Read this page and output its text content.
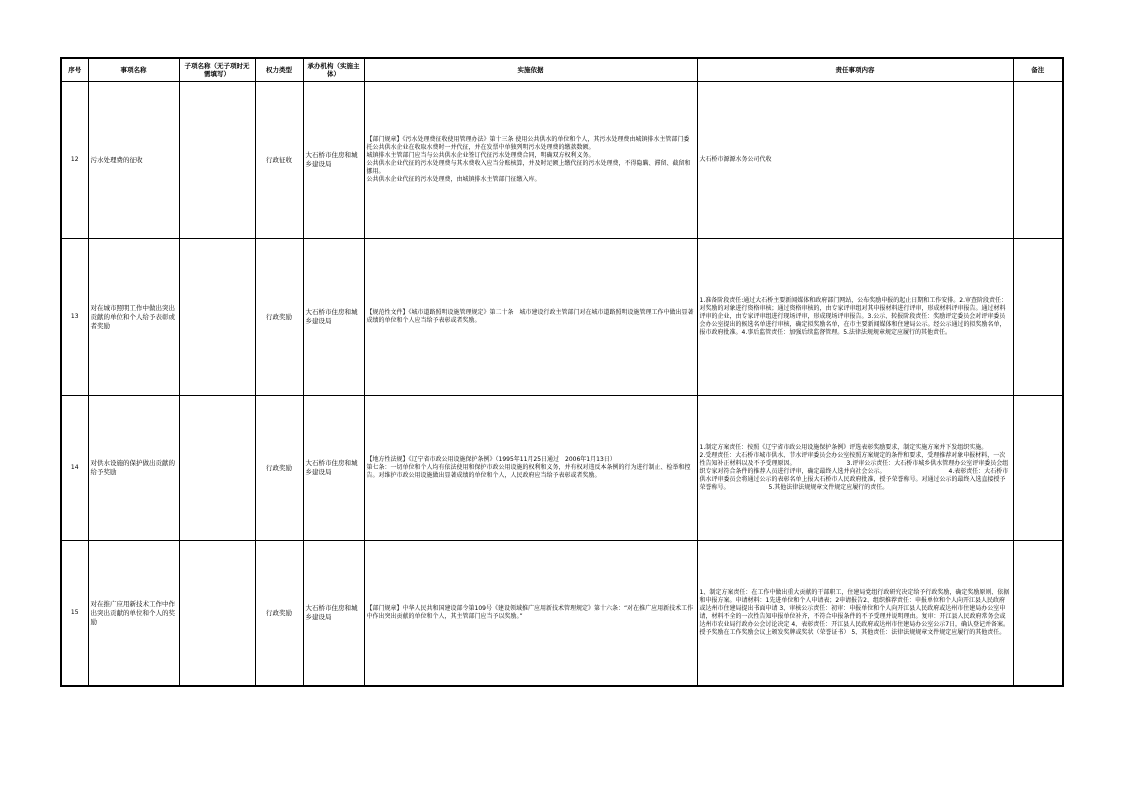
序号	事项名称	子项名称（无子项时无需填写）	权力类型	承办机构（实施主体）	实施依据	责任事项内容	备注
12	污水处理费的征收		行政征收	大石桥市住房和城乡建设局	【部门规章】《污水处理费征收使用管理办法》第十三条 使用公共供水的单位和个人，其污水处理费由城镇排水主管部门委托公共供水企业在收取水费时一并代征，并在发票中单独列明污水处理费的缴款数额。
城镇排水主管部门应当与公共供水企业签订代征污水处理费合同，明确双方权利义务。
公共供水企业代征的污水处理费与其水费收入应当分账核算，并及时足额上缴代征的污水处理费，不得隐瞒、滞留、截留和挪用。
公共供水企业代征的污水处理费，由城镇排水主管部门征缴入库。	大石桥市源源水务公司代收	
13	对在城市照明工作中做出突出贡献的单位和个人给予表彰或者奖励		行政奖励	大石桥市住房和城乡建设局	【规范性文件】《城市道路照明设施管理规定》第二十条　城市建设行政主管部门对在城市道路照明设施管理工作中做出显著成绩的单位和个人应当给予表彰或者奖励。	1.准备阶段责任:通过大石桥主要新闻媒体和政府部门网站，公布奖励申报的起止日期和工作安排。2.审查阶段责任：对奖励的对象进行资格审核；通过资格审核的，由专家评审组对其申报材料进行评审，形成材料评审报告。通过材料评审的企业，由专家评审组进行现场评审，形成现场评审报告。3.公示、转报阶段责任：奖励评定委员会对评审委员会办公室提出的候选名单进行审核，确定拟奖励名单，在市主要新闻媒体和住建局公示。经公示通过的拟奖励名单，报市政府批准。4.事后监管责任：加强后续监督管理。5.法律法规规章规定应履行的其他责任。	
14	对供水设施的保护做出贡献的给予奖励		行政奖励	大石桥市住房和城乡建设局	【地方性法规】《辽宁省市政公用设施保护条例》（1995年11月25日通过　2006年1月13日）　　　　　　　　　　　　　　第七条：一切单位和个人均有依法使用和保护市政公用设施的权利和义务，并有权对违反本条例的行为进行制止、检举和控告。对维护市政公用设施做出显著成绩的单位和个人，人民政府应当给予表彰或者奖励。	1.制定方案责任：按照《辽宁省市政公用设施保护条例》评选表彰奖励要求，制定实施方案并下发组织实施。　　　　　　2.受理责任：大石桥市城市供水、节水评审委员会办公室按照方案规定的条件和要求，受理推荐对象申报材料，一次性告知补正材料以及不予受理原因。　　　　　　　　　3.评审公示责任：大石桥市城乡供水管理办公室评审委员会组织专家对符合条件的推荐人员进行评审，确定最终人选并向社会公示。　　　　　　　　　　　4.表彰责任：大石桥市供水评审委员会将通过公示的表彰名单上报大石桥市人民政府批准，授予荣誉称号。对通过公示的最终入选直接授予荣誉称号。　　　　　　　5.其他法律法规规章文件规定应履行的责任。	
15	对在推广应用新技术工作中作出突出贡献的单位和个人的奖励		行政奖励	大石桥市住房和城乡建设局	【部门规章】中华人民共和国建设部令第109号《建设领域推广应用新技术管理规定》第十六条：“对在推广应用新技术工作中作出突出贡献的单位和个人，其主管部门应当予以奖励。”	1、制定方案责任：在工作中做出重大贡献的干部职工，住建局党组行政研究决定给予行政奖励，确定奖励原则、依据和申报方案。申请材料：1先进单位和个人申请表；2申请报告2、组织推荐责任：申报单位和个人向开江县人民政府或达州市住建局提出书面申请 3、审核公示责任：初审：申报单位和个人向开江县人民政府或达州市住建局办公室申请，材料不全的一次性告知申报单位补齐，不符合申报条件的不予受理并说明理由。复审：开江县人民政府常务会或达州市农业局行政办公会讨论决定 4、表彰责任：开江县人民政府或达州市住建局办公室公示7日，确认登记并备案。授予奖励在工作奖励会议上颁发奖牌或奖状（荣誉证书） 5、其他责任：法律法规规章文件规定应履行的其他责任。	
